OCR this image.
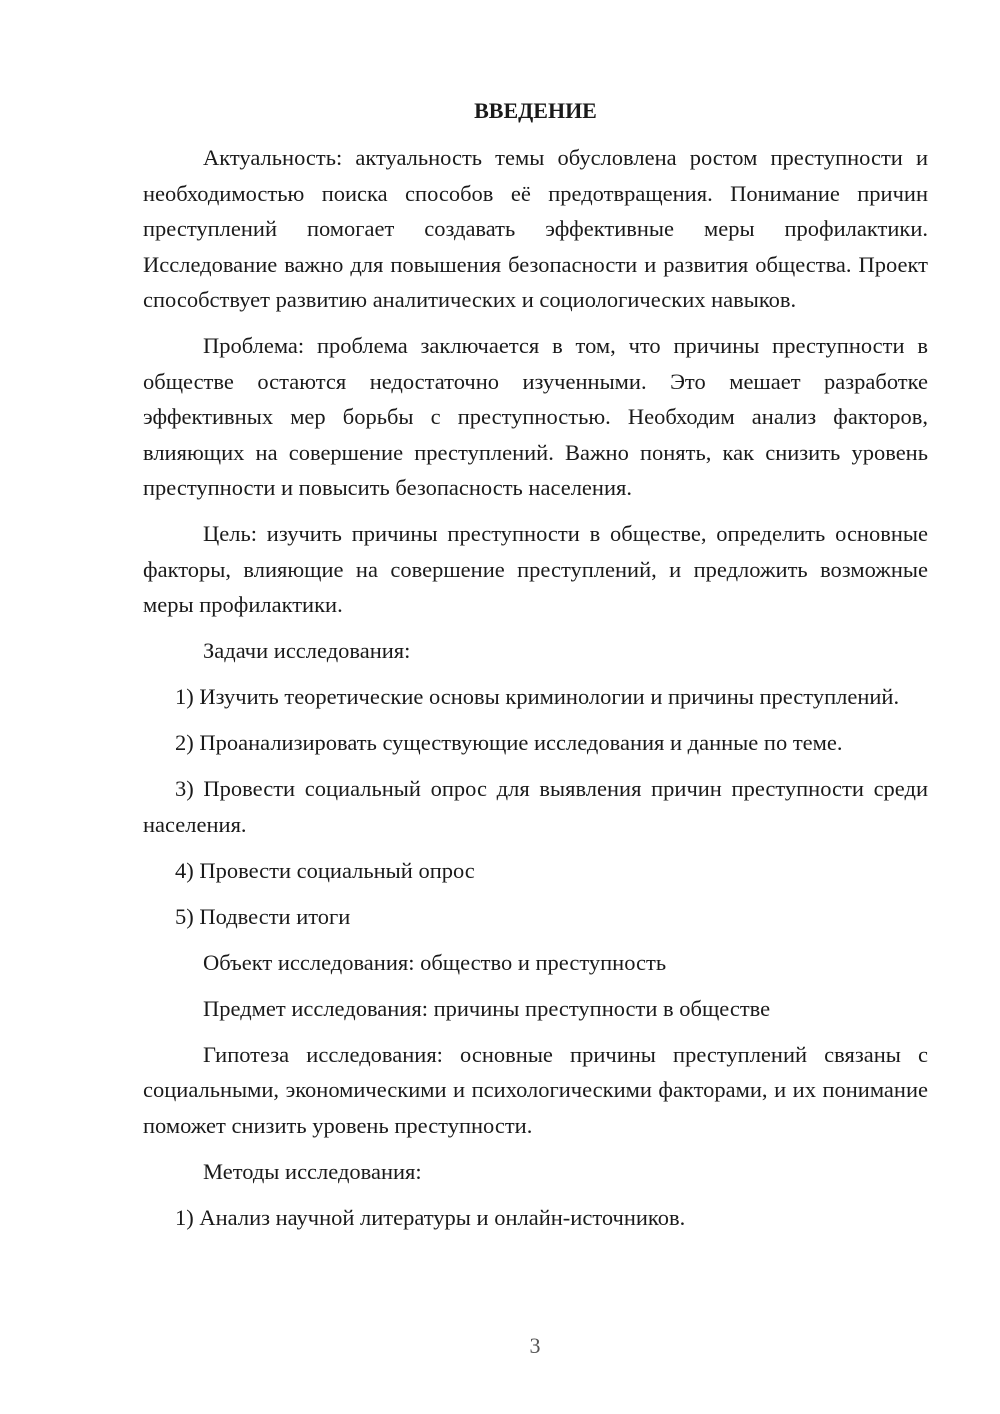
ВВЕДЕНИЕ

Актуальность: актуальность темы обусловлена ростом преступности и необходимостью поиска способов её предотвращения. Понимание причин преступлений помогает создавать эффективные меры профилактики. Исследование важно для повышения безопасности и развития общества. Проект способствует развитию аналитических и социологических навыков.

Проблема: проблема заключается в том, что причины преступности в обществе остаются недостаточно изученными. Это мешает разработке эффективных мер борьбы с преступностью. Необходим анализ факторов, влияющих на совершение преступлений. Важно понять, как снизить уровень преступности и повысить безопасность населения.

Цель: изучить причины преступности в обществе, определить основные факторы, влияющие на совершение преступлений, и предложить возможные меры профилактики.

Задачи исследования:

1) Изучить теоретические основы криминологии и причины преступлений.

2) Проанализировать существующие исследования и данные по теме.

3) Провести социальный опрос для выявления причин преступности среди населения.

4) Провести социальный опрос

5) Подвести итоги

Объект исследования: общество и преступность

Предмет исследования: причины преступности в обществе

Гипотеза исследования: основные причины преступлений связаны с социальными, экономическими и психологическими факторами, и их понимание поможет снизить уровень преступности.

Методы исследования:

1) Анализ научной литературы и онлайн-источников.

3
